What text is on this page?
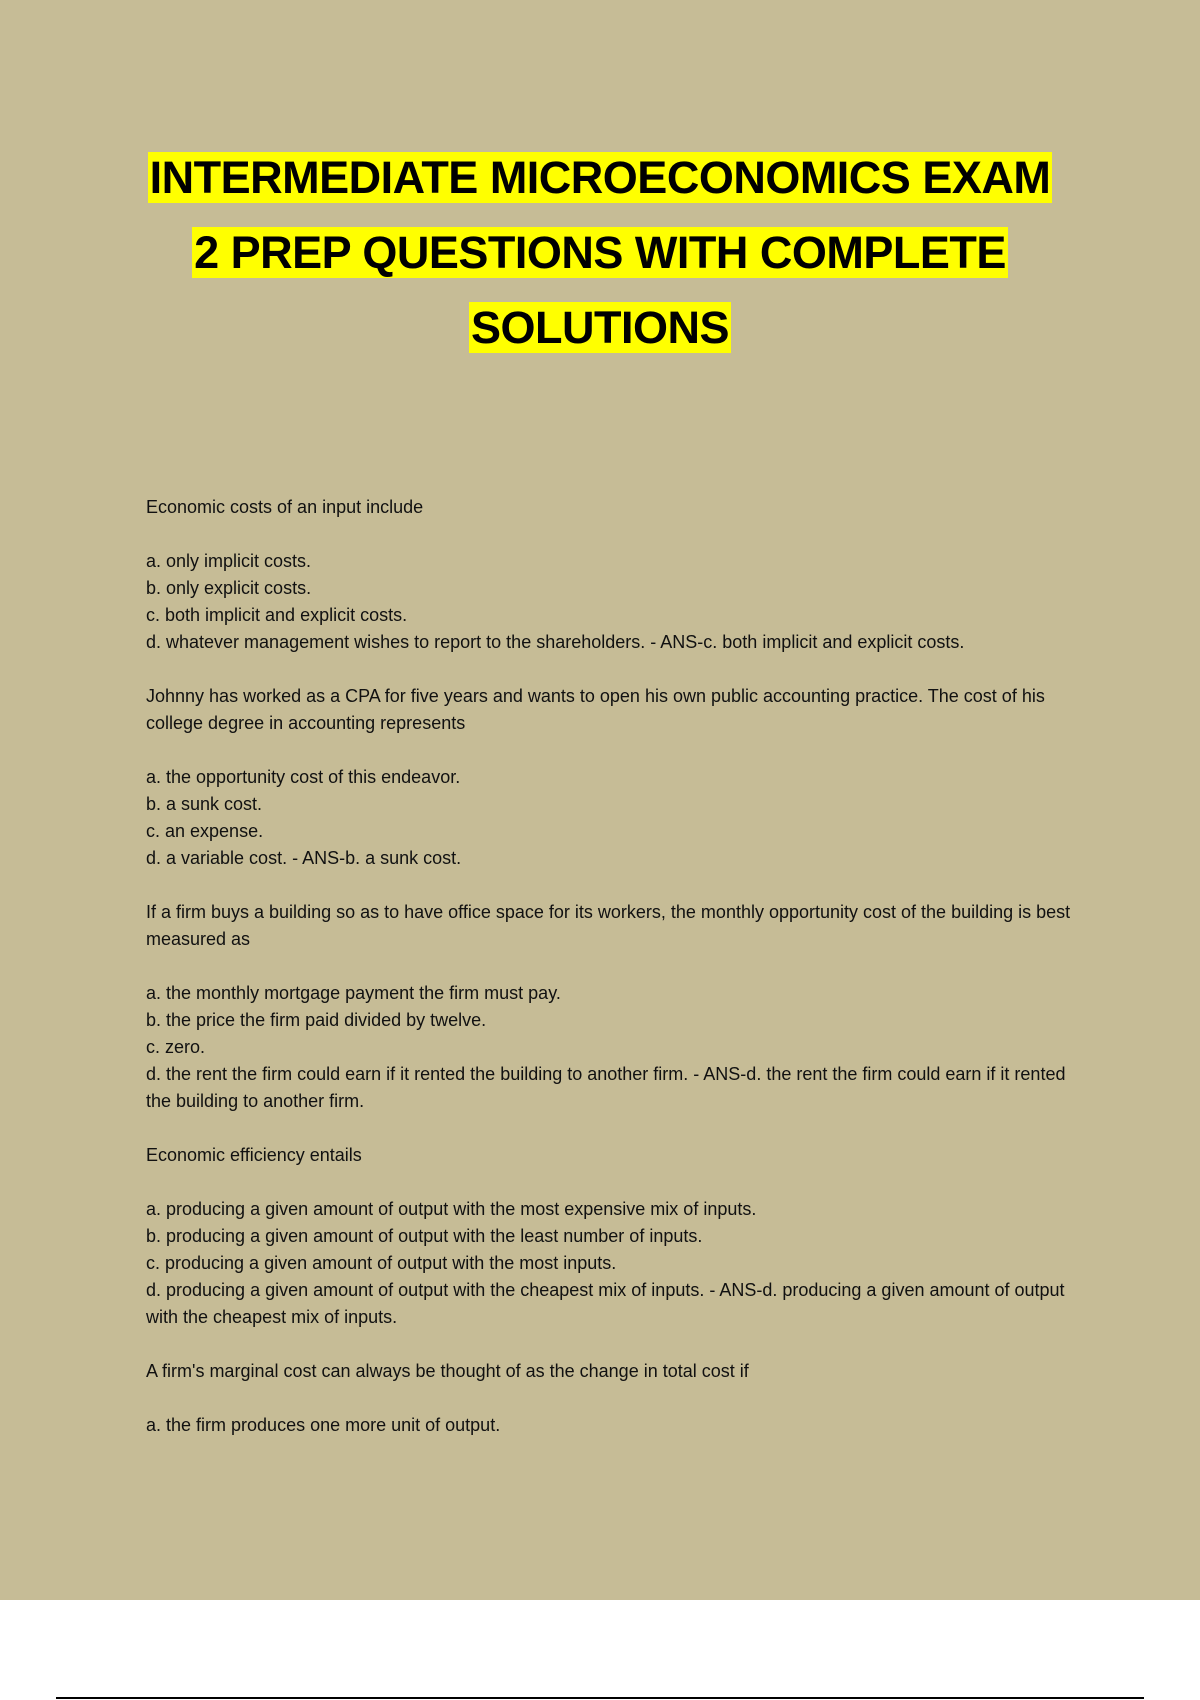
INTERMEDIATE MICROECONOMICS EXAM
2 PREP QUESTIONS WITH COMPLETE
SOLUTIONS
Economic costs of an input include
a. only implicit costs.
b. only explicit costs.
c. both implicit and explicit costs.
d. whatever management wishes to report to the shareholders. - ANS-c. both implicit and explicit costs.
Johnny has worked as a CPA for five years and wants to open his own public accounting practice. The cost of his college degree in accounting represents
a. the opportunity cost of this endeavor.
b. a sunk cost.
c. an expense.
d. a variable cost. - ANS-b. a sunk cost.
If a firm buys a building so as to have office space for its workers, the monthly opportunity cost of the building is best measured as
a. the monthly mortgage payment the firm must pay.
b. the price the firm paid divided by twelve.
c. zero.
d. the rent the firm could earn if it rented the building to another firm. - ANS-d. the rent the firm could earn if it rented the building to another firm.
Economic efficiency entails
a. producing a given amount of output with the most expensive mix of inputs.
b. producing a given amount of output with the least number of inputs.
c. producing a given amount of output with the most inputs.
d. producing a given amount of output with the cheapest mix of inputs. - ANS-d. producing a given amount of output with the cheapest mix of inputs.
A firm's marginal cost can always be thought of as the change in total cost if
a. the firm produces one more unit of output.
